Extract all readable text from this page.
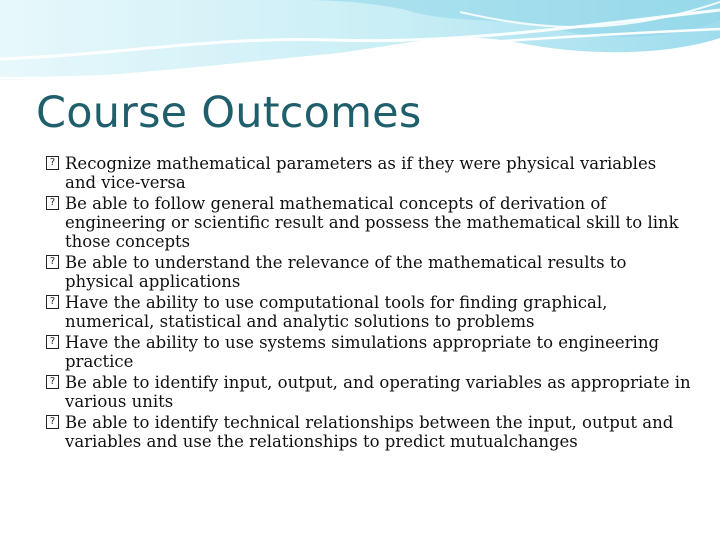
Course Outcomes
? Recognize mathematical parameters as if they were physical variables and vice-versa
? Be able to follow general mathematical concepts of derivation of engineering or scientific result and possess the mathematical skill to link those concepts
? Be able to understand the relevance of the mathematical results to physical applications
? Have the ability to use computational tools for finding graphical, numerical, statistical and analytic solutions to problems
? Have the ability to use systems simulations appropriate to engineering practice
? Be able to identify input, output, and operating variables as appropriate in various units
? Be able to identify technical relationships between the input, output and variables and use the relationships to predict mutualchanges
